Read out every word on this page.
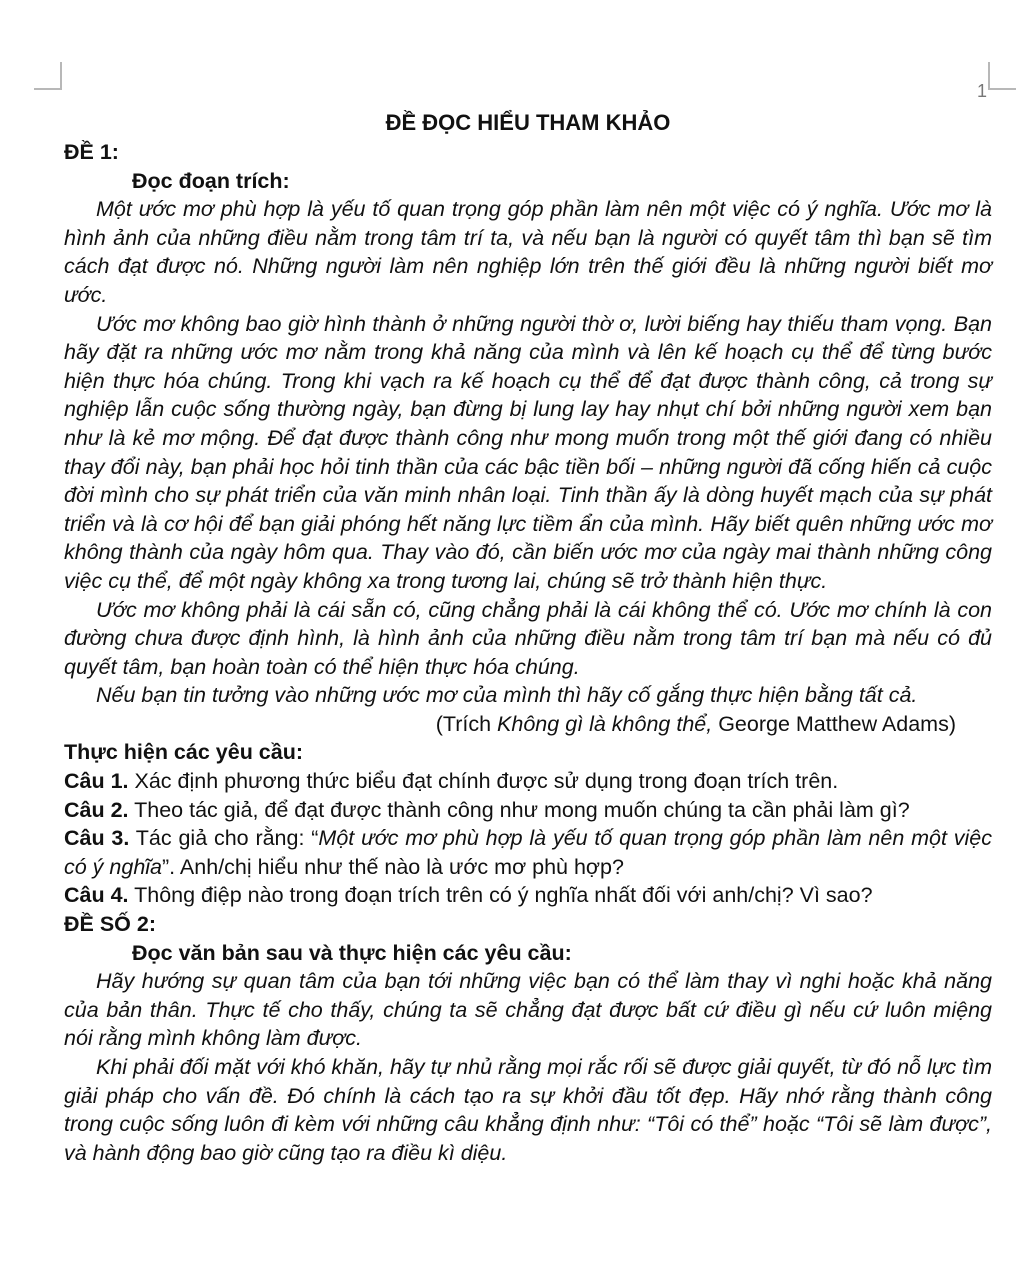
1

ĐỀ ĐỌC HIỂU THAM KHẢO

ĐỀ 1:

Đọc đoạn trích:

Một ước mơ phù hợp là yếu tố quan trọng góp phần làm nên một việc có ý nghĩa. Ước mơ là hình ảnh của những điều nằm trong tâm trí ta, và nếu bạn là người có quyết tâm thì bạn sẽ tìm cách đạt được nó. Những người làm nên nghiệp lớn trên thế giới đều là những người biết mơ ước.

Ước mơ không bao giờ hình thành ở những người thờ ơ, lười biếng hay thiếu tham vọng. Bạn hãy đặt ra những ước mơ nằm trong khả năng của mình và lên kế hoạch cụ thể để từng bước hiện thực hóa chúng. Trong khi vạch ra kế hoạch cụ thể để đạt được thành công, cả trong sự nghiệp lẫn cuộc sống thường ngày, bạn đừng bị lung lay hay nhụt chí bởi những người xem bạn như là kẻ mơ mộng. Để đạt được thành công như mong muốn trong một thế giới đang có nhiều thay đổi này, bạn phải học hỏi tinh thần của các bậc tiền bối – những người đã cống hiến cả cuộc đời mình cho sự phát triển của văn minh nhân loại. Tinh thần ấy là dòng huyết mạch của sự phát triển và là cơ hội để bạn giải phóng hết năng lực tiềm ẩn của mình. Hãy biết quên những ước mơ không thành của ngày hôm qua. Thay vào đó, cần biến ước mơ của ngày mai thành những công việc cụ thể, để một ngày không xa trong tương lai, chúng sẽ trở thành hiện thực.

Ước mơ không phải là cái sẵn có, cũng chẳng phải là cái không thể có. Ước mơ chính là con đường chưa được định hình, là hình ảnh của những điều nằm trong tâm trí bạn mà nếu có đủ quyết tâm, bạn hoàn toàn có thể hiện thực hóa chúng.

Nếu bạn tin tưởng vào những ước mơ của mình thì hãy cố gắng thực hiện bằng tất cả.

(Trích Không gì là không thể, George Matthew Adams)

Thực hiện các yêu cầu:

Câu 1. Xác định phương thức biểu đạt chính được sử dụng trong đoạn trích trên.

Câu 2. Theo tác giả, để đạt được thành công như mong muốn chúng ta cần phải làm gì?

Câu 3. Tác giả cho rằng: “Một ước mơ phù hợp là yếu tố quan trọng góp phần làm nên một việc có ý nghĩa”. Anh/chị hiểu như thế nào là ước mơ phù hợp?

Câu 4. Thông điệp nào trong đoạn trích trên có ý nghĩa nhất đối với anh/chị? Vì sao?

ĐỀ SỐ 2:

Đọc văn bản sau và thực hiện các yêu cầu:

Hãy hướng sự quan tâm của bạn tới những việc bạn có thể làm thay vì nghi hoặc khả năng của bản thân. Thực tế cho thấy, chúng ta sẽ chẳng đạt được bất cứ điều gì nếu cứ luôn miệng nói rằng mình không làm được.

Khi phải đối mặt với khó khăn, hãy tự nhủ rằng mọi rắc rối sẽ được giải quyết, từ đó nỗ lực tìm giải pháp cho vấn đề. Đó chính là cách tạo ra sự khởi đầu tốt đẹp. Hãy nhớ rằng thành công trong cuộc sống luôn đi kèm với những câu khẳng định như: “Tôi có thể” hoặc “Tôi sẽ làm được”, và hành động bao giờ cũng tạo ra điều kì diệu.
